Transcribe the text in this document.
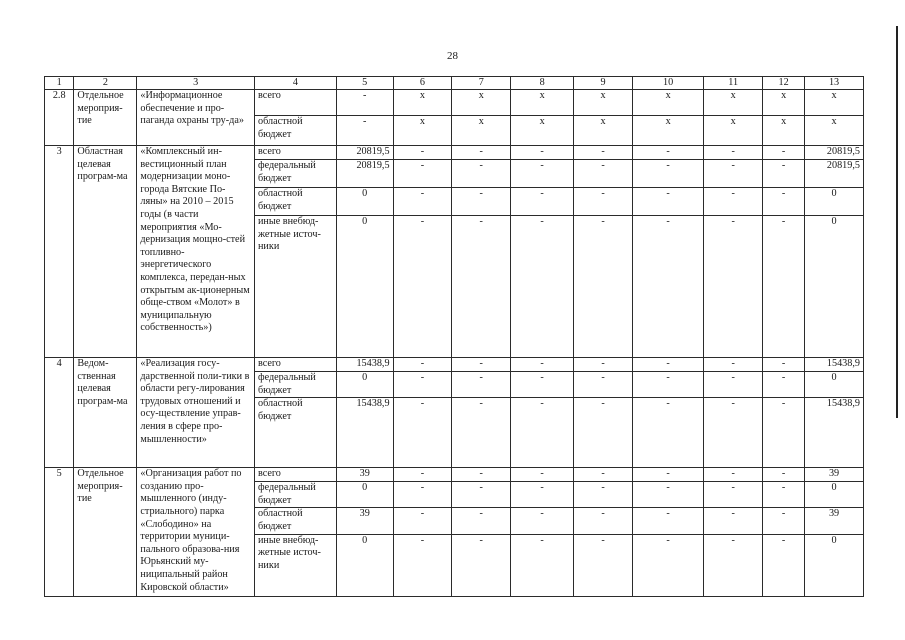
28
1	2	3	4	5	6	7	8	9	10	11	12	13
2.8	Отдельное мероприя-тие	«Информационное обеспечение и про-паганда охраны тру-да»	всего	-	x	x	x	x	x	x	x	x
			областной бюджет	-	x	x	x	x	x	x	x	x
3	Областная целевая програм-ма	«Комплексный ин-вестиционный план модернизации моно-города Вятские По-ляны» на 2010 – 2015 годы (в части мероприятия «Мо-дернизация мощно-стей топливно-энергетического комплекса, передан-ных открытым ак-ционерным обще-ством «Молот» в муниципальную собственность»)	всего	20819,5	-	-	-	-	-	-	-	20819,5
			федеральный бюджет	20819,5	-	-	-	-	-	-	-	20819,5
			областной бюджет	0	-	-	-	-	-	-	-	0
			иные внебюд-жетные источ-ники	0	-	-	-	-	-	-	-	0
4	Ведом-ственная целевая програм-ма	«Реализация госу-дарственной поли-тики в области регу-лирования трудовых отношений и осу-ществление управ-ления в сфере про-мышленности»	всего	15438,9	-	-	-	-	-	-	-	15438,9
			федеральный бюджет	0	-	-	-	-	-	-	-	0
			областной бюджет	15438,9	-	-	-	-	-	-	-	15438,9
5	Отдельное мероприя-тие	«Организация работ по созданию про-мышленного (инду-стриального) парка «Слободино» на территории муници-пального образова-ния Юрьянский му-ниципальный район Кировской области»	всего	39	-	-	-	-	-	-	-	39
			федеральный бюджет	0	-	-	-	-	-	-	-	0
			областной бюджет	39	-	-	-	-	-	-	-	39
			иные внебюд-жетные источ-ники	0	-	-	-	-	-	-	-	0
